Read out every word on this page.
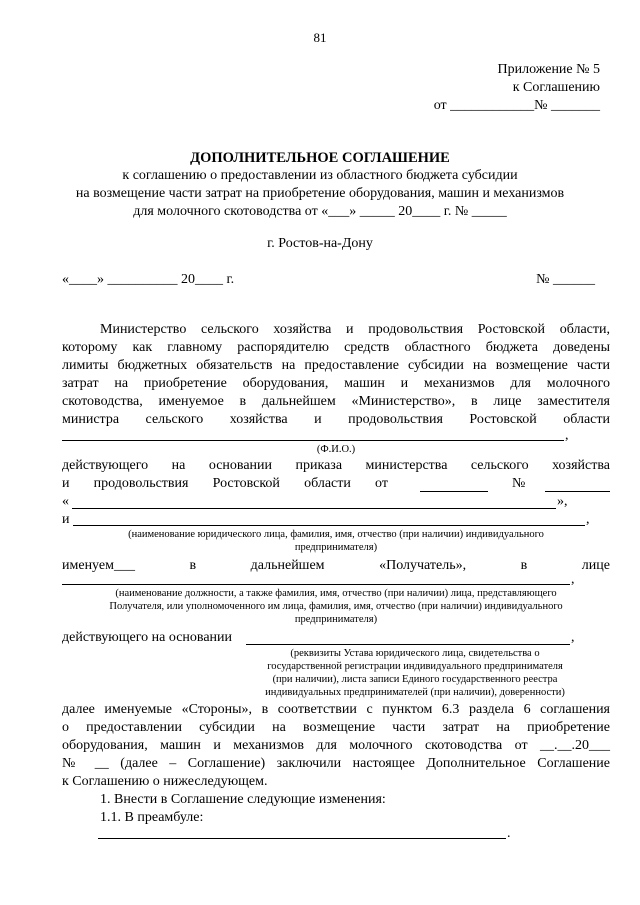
81
Приложение № 5
к Соглашению
от ____________№ _______
ДОПОЛНИТЕЛЬНОЕ СОГЛАШЕНИЕ
к соглашению о предоставлении из областного бюджета субсидии
на возмещение части затрат на приобретение оборудования, машин и механизмов
для молочного скотоводства от «___» _____ 20____ г. № _____
г. Ростов-на-Дону
«____» __________ 20____ г.	№ ______
Министерство сельского хозяйства и продовольствия Ростовской области,
которому как главному распорядителю средств областного бюджета доведены
лимиты бюджетных обязательств на предоставление субсидии на возмещение части
затрат на приобретение оборудования, машин и механизмов для молочного
скотоводства, именуемое в дальнейшем «Министерство», в лице заместителя
министра сельского хозяйства и продовольствия Ростовской области
,
(Ф.И.О.)
действующего на основании приказа министерства сельского хозяйства
и продовольствия Ростовской области от	№
«	»,
и	,
(наименование юридического лица, фамилия, имя, отчество (при наличии) индивидуального
предпринимателя)
именуем___ в дальнейшем «Получатель», в лице
,
(наименование должности, а также фамилия, имя, отчество (при наличии) лица, представляющего
Получателя, или уполномоченного им лица, фамилия, имя, отчество (при наличии) индивидуального
предпринимателя)
действующего на основании	,
(реквизиты Устава юридического лица, свидетельства о
государственной регистрации индивидуального предпринимателя
(при наличии), листа записи Единого государственного реестра
индивидуальных предпринимателей (при наличии), доверенности)
далее именуемые «Стороны», в соответствии с пунктом 6.3 раздела 6 соглашения
о предоставлении субсидии на возмещение части затрат на приобретение
оборудования, машин и механизмов для молочного скотоводства от __.__.20___
№ __ (далее – Соглашение) заключили настоящее Дополнительное Соглашение
к Соглашению о нижеследующем.
1. Внести в Соглашение следующие изменения:
1.1. В преамбуле:
.
